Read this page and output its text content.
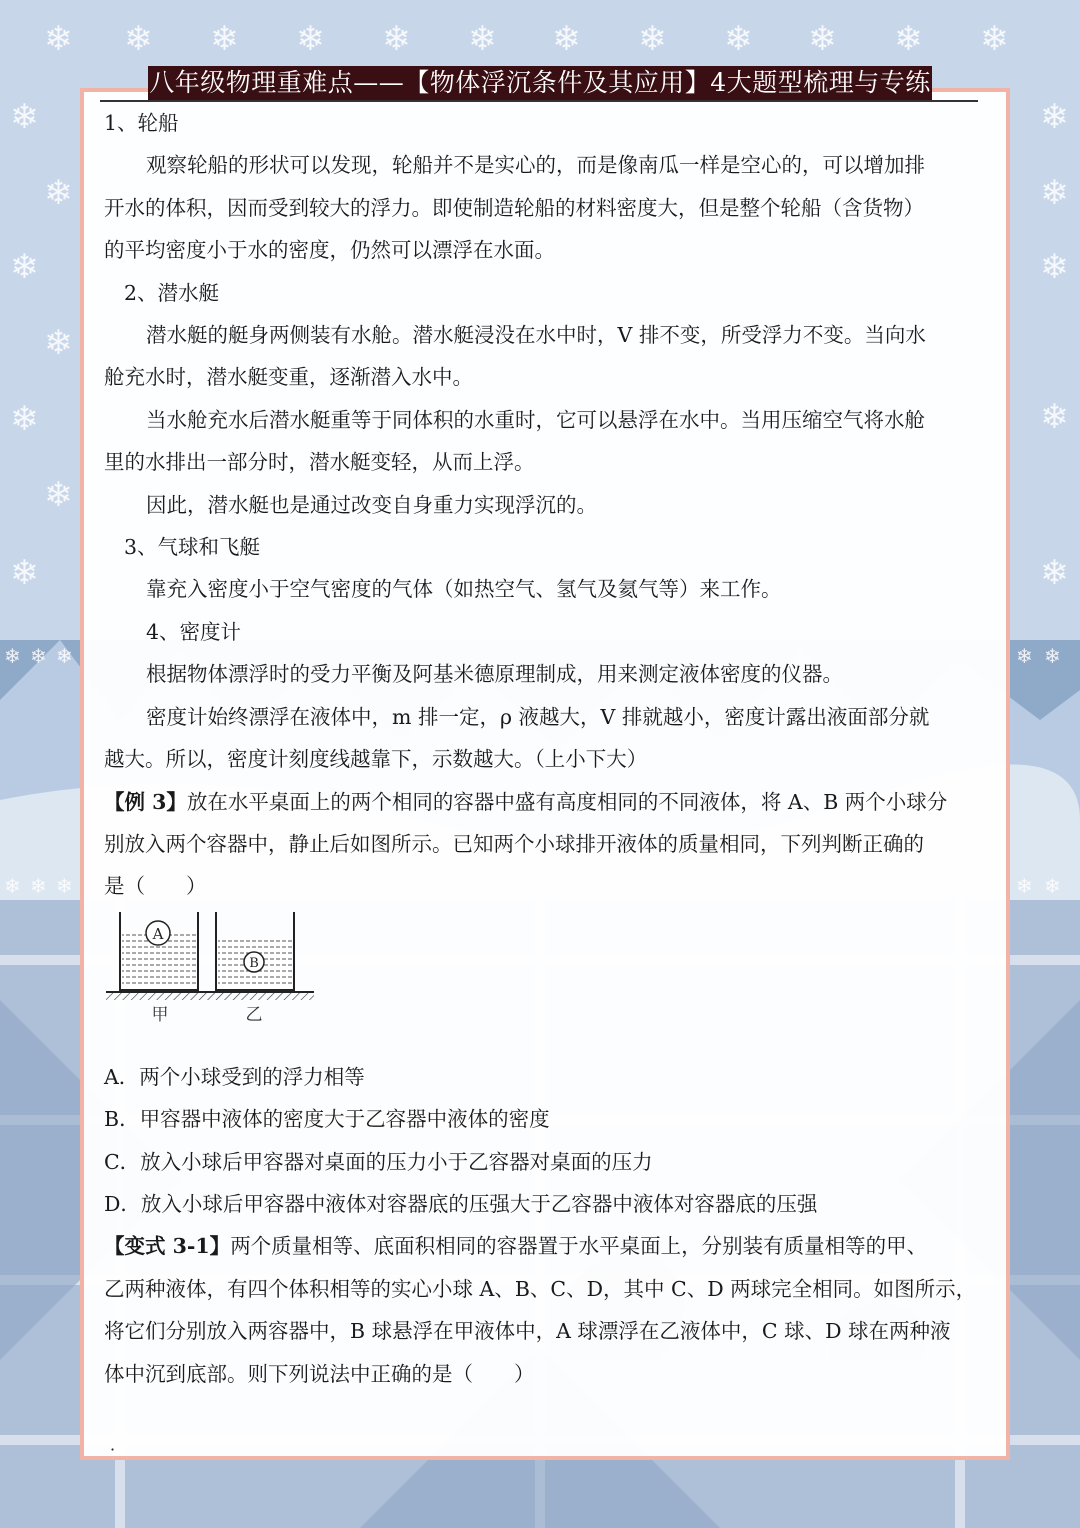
❄ ❄ ❄ ❄ ❄ ❄ ❄ ❄ ❄ ❄ ❄ ❄
❄	❄
❄	❄
❄	❄
❄
❄
❄
❄
❄	❄
❄ ❄ ❄	❄ ❄
❄ ❄ ❄	❄ ❄
八年级物理重难点——【物体浮沉条件及其应用】4大题型梳理与专练

1、轮船

观察轮船的形状可以发现，轮船并不是实心的，而是像南瓜一样是空心的，可以增加排

开水的体积，因而受到较大的浮力。即使制造轮船的材料密度大，但是整个轮船（含货物）

的平均密度小于水的密度，仍然可以漂浮在水面。

2、潜水艇

潜水艇的艇身两侧装有水舱。潜水艇浸没在水中时，V 排不变，所受浮力不变。当向水

舱充水时，潜水艇变重，逐渐潜入水中。

当水舱充水后潜水艇重等于同体积的水重时，它可以悬浮在水中。当用压缩空气将水舱

里的水排出一部分时，潜水艇变轻，从而上浮。

因此，潜水艇也是通过改变自身重力实现浮沉的。

3、气球和飞艇

靠充入密度小于空气密度的气体（如热空气、氢气及氦气等）来工作。

4、密度计

根据物体漂浮时的受力平衡及阿基米德原理制成，用来测定液体密度的仪器。

密度计始终漂浮在液体中，m 排一定，ρ 液越大，V 排就越小，密度计露出液面部分就

越大。所以，密度计刻度线越靠下，示数越大。（上小下大）

【例 3】放在水平桌面上的两个相同的容器中盛有高度相同的不同液体，将 A、B 两个小球分

别放入两个容器中，静止后如图所示。已知两个小球排开液体的质量相同，下列判断正确的

是（　　）

A
B
甲	乙

A．两个小球受到的浮力相等

B．甲容器中液体的密度大于乙容器中液体的密度

C．放入小球后甲容器对桌面的压力小于乙容器对桌面的压力

D．放入小球后甲容器中液体对容器底的压强大于乙容器中液体对容器底的压强

【变式 3-1】两个质量相等、底面积相同的容器置于水平桌面上，分别装有质量相等的甲、

乙两种液体，有四个体积相等的实心小球 A、B、C、D，其中 C、D 两球完全相同。如图所示，

将它们分别放入两容器中，B 球悬浮在甲液体中，A 球漂浮在乙液体中，C 球、D 球在两种液

体中沉到底部。则下列说法中正确的是（　　）

·
